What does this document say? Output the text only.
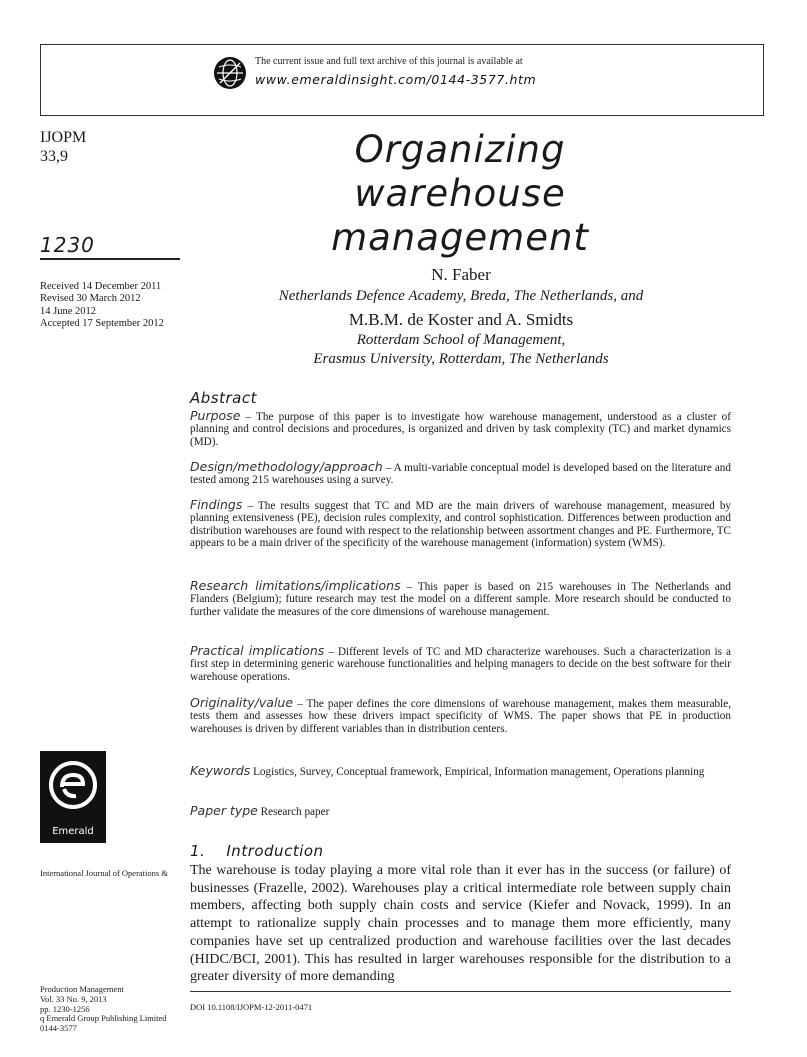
The current issue and full text archive of this journal is available at
www.emeraldinsight.com/0144-3577.htm
IJOPM
33,9
1230
Received 14 December 2011
Revised 30 March 2012
14 June 2012
Accepted 17 September 2012
Organizing
warehouse
management
N. Faber
Netherlands Defence Academy, Breda, The Netherlands, and
M.B.M. de Koster and A. Smidts
Rotterdam School of Management,
Erasmus University, Rotterdam, The Netherlands
Abstract
Purpose – The purpose of this paper is to investigate how warehouse management, understood as a cluster of planning and control decisions and procedures, is organized and driven by task complexity (TC) and market dynamics (MD).
Design/methodology/approach – A multi-variable conceptual model is developed based on the literature and tested among 215 warehouses using a survey.
Findings – The results suggest that TC and MD are the main drivers of warehouse management, measured by planning extensiveness (PE), decision rules complexity, and control sophistication. Differences between production and distribution warehouses are found with respect to the relationship between assortment changes and PE. Furthermore, TC appears to be a main driver of the specificity of the warehouse management (information) system (WMS).
Research limitations/implications – This paper is based on 215 warehouses in The Netherlands and Flanders (Belgium); future research may test the model on a different sample. More research should be conducted to further validate the measures of the core dimensions of warehouse management.
Practical implications – Different levels of TC and MD characterize warehouses. Such a characterization is a first step in determining generic warehouse functionalities and helping managers to decide on the best software for their warehouse operations.
Originality/value – The paper defines the core dimensions of warehouse management, makes them measurable, tests them and assesses how these drivers impact specificity of WMS. The paper shows that PE in production warehouses is driven by different variables than in distribution centers.
Keywords Logistics, Survey, Conceptual framework, Empirical, Information management, Operations planning
Paper type Research paper
Emerald
1.    Introduction
The warehouse is today playing a more vital role than it ever has in the success (or failure) of businesses (Frazelle, 2002). Warehouses play a critical intermediate role between supply chain members, affecting both supply chain costs and service (Kiefer and Novack, 1999). In an attempt to rationalize supply chain processes and to manage them more efficiently, many companies have set up centralized production and warehouse facilities over the last decades (HIDC/BCI, 2001). This has resulted in larger warehouses responsible for the distribution to a greater diversity of more demanding
International Journal of Operations &
Production Management
Vol. 33 No. 9, 2013
pp. 1230-1256
q Emerald Group Publishing Limited
0144-3577
DOI 10.1108/IJOPM-12-2011-0471
